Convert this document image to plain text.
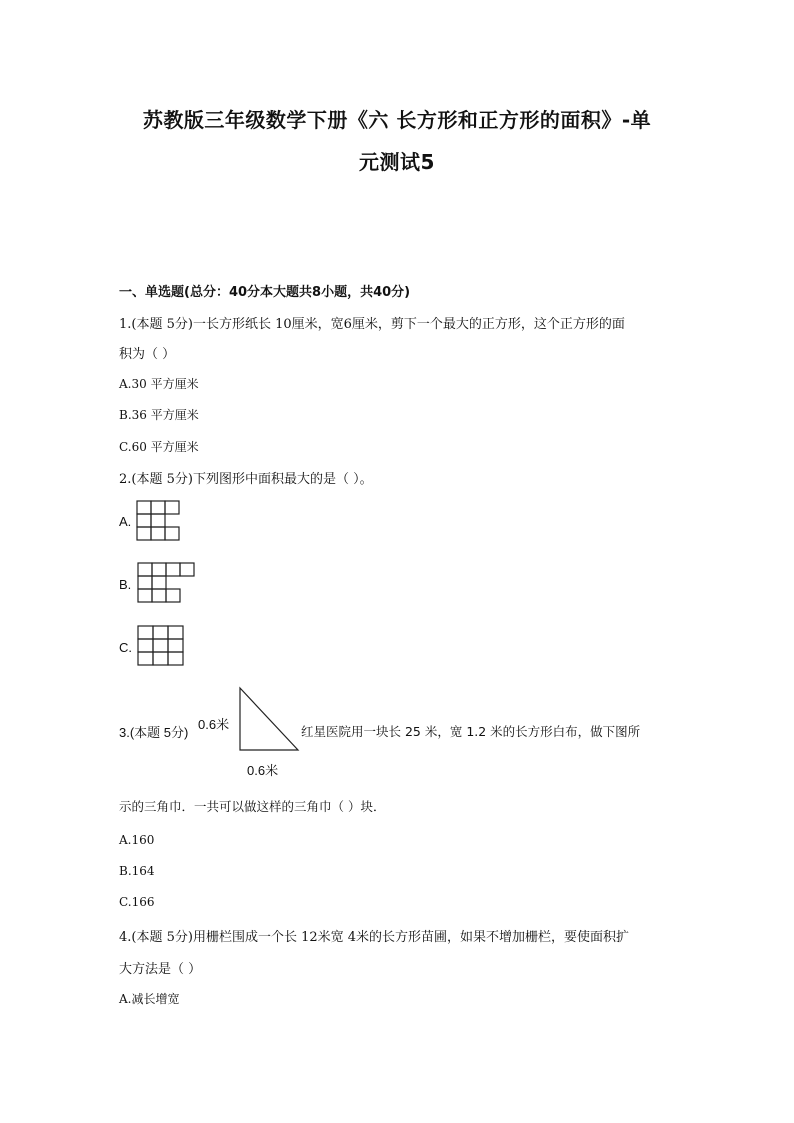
苏教版三年级数学下册《六 长方形和正方形的面积》-单
元测试5
一、单选题(总分：40分本大题共8小题，共40分)
1.(本题 5分)一长方形纸长 10厘米，宽6厘米，剪下一个最大的正方形，这个正方形的面
积为（ ）
A.30 平方厘米
B.36 平方厘米
C.60 平方厘米
2.(本题 5分)下列图形中面积最大的是（ ）。
A.
B.
C.
3.(本题 5分)
0.6米
0.6米
红星医院用一块长 25 米，宽 1.2 米的长方形白布，做下图所
示的三角巾．一共可以做这样的三角巾（ ）块．
A.160
B.164
C.166
4.(本题 5分)用栅栏围成一个长 12米宽 4米的长方形苗圃，如果不增加栅栏，要使面积扩
大方法是（ ）
A.减长增宽
